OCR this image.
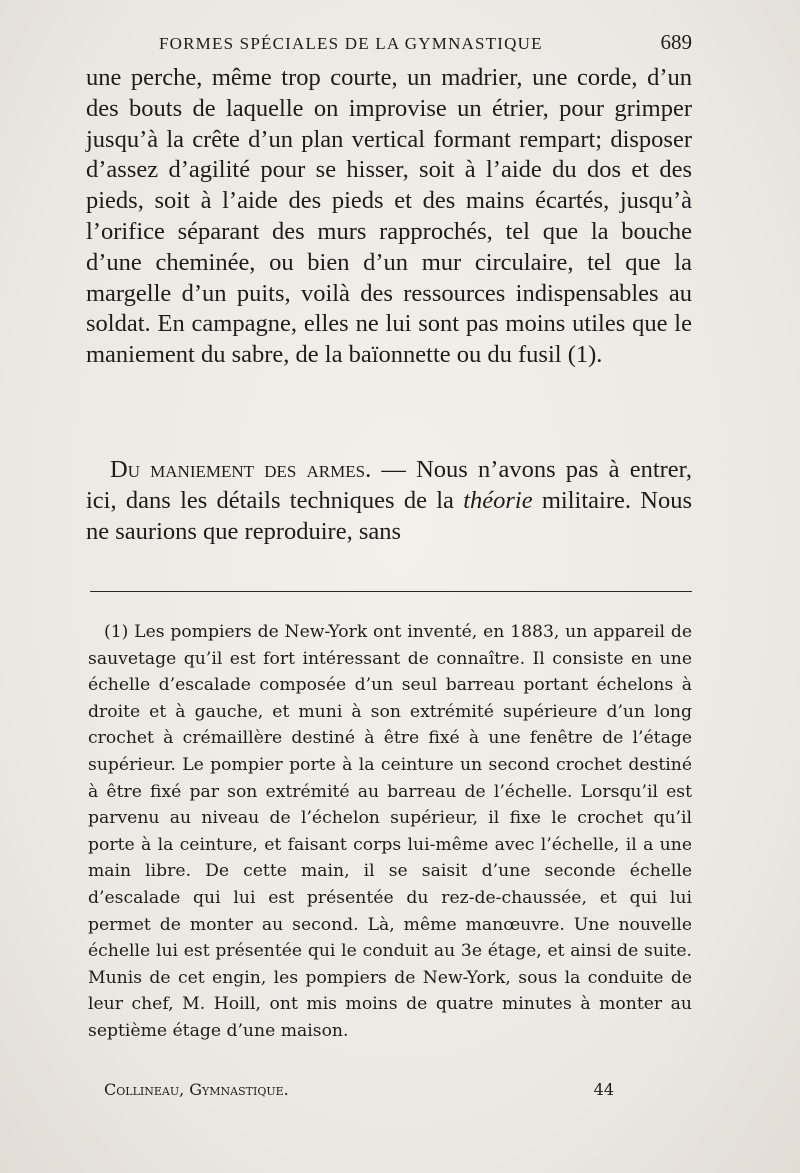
FORMES SPÉCIALES DE LA GYMNASTIQUE	689

une perche, même trop courte, un madrier, une corde, d’un des bouts de laquelle on improvise un étrier, pour grimper jusqu’à la crête d’un plan vertical formant rempart; disposer d’assez d’agilité pour se hisser, soit à l’aide du dos et des pieds, soit à l’aide des pieds et des mains écartés, jusqu’à l’orifice séparant des murs rapprochés, tel que la bouche d’une cheminée, ou bien d’un mur circulaire, tel que la margelle d’un puits, voilà des ressources indispensables au soldat. En campagne, elles ne lui sont pas moins utiles que le maniement du sabre, de la baïonnette ou du fusil (1).

Du maniement des armes. — Nous n’avons pas à entrer, ici, dans les détails techniques de la théorie militaire. Nous ne saurions que reproduire, sans

(1) Les pompiers de New-York ont inventé, en 1883, un appareil de sauvetage qu’il est fort intéressant de connaître. Il consiste en une échelle d’escalade composée d’un seul barreau portant échelons à droite et à gauche, et muni à son extrémité supérieure d’un long crochet à crémaillère destiné à être fixé à une fenêtre de l’étage supérieur. Le pompier porte à la ceinture un second crochet destiné à être fixé par son extrémité au barreau de l’échelle. Lorsqu’il est parvenu au niveau de l’échelon supérieur, il fixe le crochet qu’il porte à la ceinture, et faisant corps lui-même avec l’échelle, il a une main libre. De cette main, il se saisit d’une seconde échelle d’escalade qui lui est présentée du rez-de-chaussée, et qui lui permet de monter au second. Là, même manœuvre. Une nouvelle échelle lui est présentée qui le conduit au 3e étage, et ainsi de suite. Munis de cet engin, les pompiers de New-York, sous la conduite de leur chef, M. Hoill, ont mis moins de quatre minutes à monter au septième étage d’une maison.

Collineau, Gymnastique.	44
